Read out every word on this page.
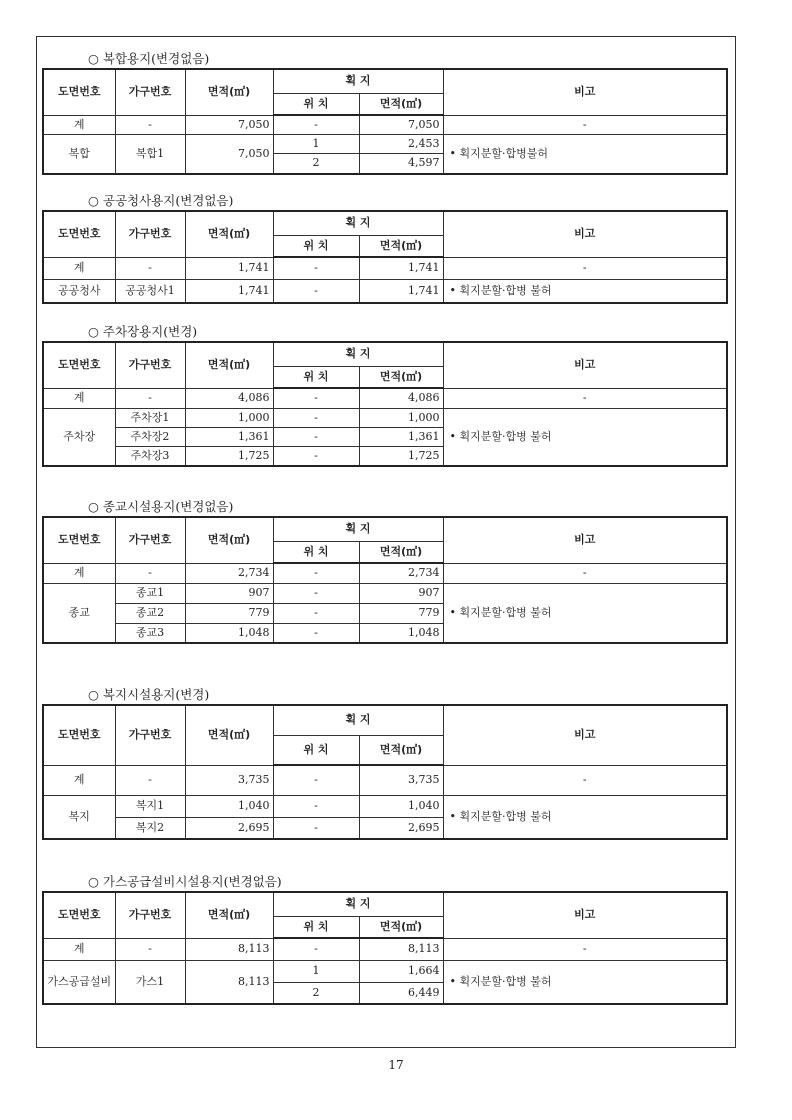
○ 복합용지(변경없음)
도면번호	가구번호	면적(㎡)	획 지		비고
			위 치	면적(㎡)	
계	-	7,050	-	7,050	-
복합	복합1	7,050	1	2,453	• 획지분할·합병불허
			2	4,597	
○ 공공청사용지(변경없음)
도면번호	가구번호	면적(㎡)	획 지		비고
			위 치	면적(㎡)	
계	-	1,741	-	1,741	-
공공청사	공공청사1	1,741	-	1,741	• 획지분할·합병 불허
○ 주차장용지(변경)
도면번호	가구번호	면적(㎡)	획 지		비고
			위 치	면적(㎡)	
계	-	4,086	-	4,086	-
주차장	주차장1	1,000	-	1,000	• 획지분할·합병 불허
	주차장2	1,361	-	1,361	
	주차장3	1,725	-	1,725	
○ 종교시설용지(변경없음)
도면번호	가구번호	면적(㎡)	획 지		비고
			위 치	면적(㎡)	
계	-	2,734	-	2,734	-
종교	종교1	907	-	907	• 획지분할·합병 불허
	종교2	779	-	779	
	종교3	1,048	-	1,048	
○ 복지시설용지(변경)
도면번호	가구번호	면적(㎡)	획 지		비고
			위 치	면적(㎡)	
계	-	3,735	-	3,735	-
복지	복지1	1,040	-	1,040	• 획지분할·합병 불허
	복지2	2,695	-	2,695	
○ 가스공급설비시설용지(변경없음)
도면번호	가구번호	면적(㎡)	획 지		비고
			위 치	면적(㎡)	
계	-	8,113	-	8,113	-
가스공급설비	가스1	8,113	1	1,664	• 획지분할·합병 불허
			2	6,449	
17
